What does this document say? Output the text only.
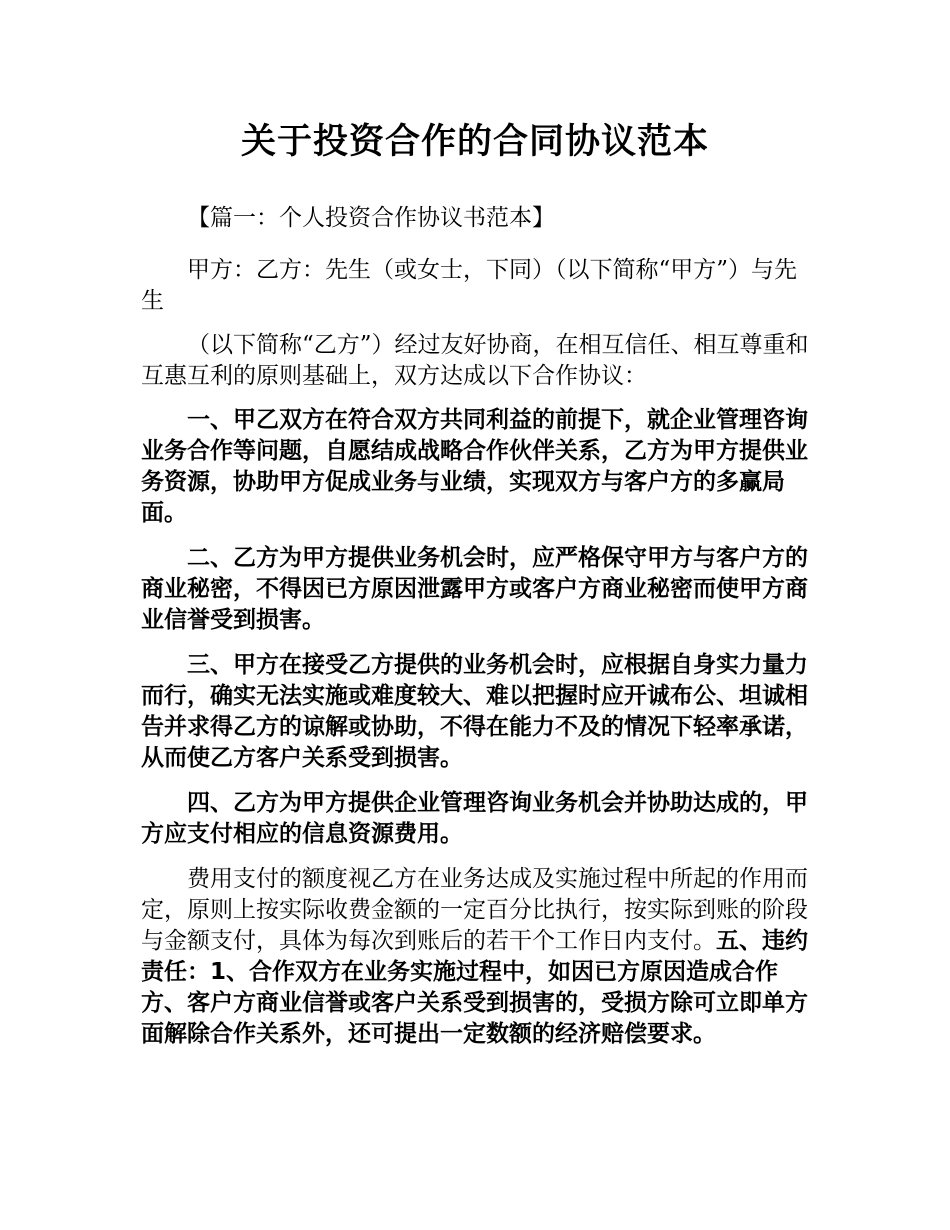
关于投资合作的合同协议范本

【篇一：个人投资合作协议书范本】

甲方：乙方：先生（或女士，下同）（以下简称“甲方”）与先生

（以下简称“乙方”）经过友好协商，在相互信任、相互尊重和互惠互利的原则基础上，双方达成以下合作协议：

一、甲乙双方在符合双方共同利益的前提下，就企业管理咨询业务合作等问题，自愿结成战略合作伙伴关系，乙方为甲方提供业务资源，协助甲方促成业务与业绩，实现双方与客户方的多赢局面。

二、乙方为甲方提供业务机会时，应严格保守甲方与客户方的商业秘密，不得因已方原因泄露甲方或客户方商业秘密而使甲方商业信誉受到损害。

三、甲方在接受乙方提供的业务机会时，应根据自身实力量力而行，确实无法实施或难度较大、难以把握时应开诚布公、坦诚相告并求得乙方的谅解或协助，不得在能力不及的情况下轻率承诺，从而使乙方客户关系受到损害。

四、乙方为甲方提供企业管理咨询业务机会并协助达成的，甲方应支付相应的信息资源费用。

费用支付的额度视乙方在业务达成及实施过程中所起的作用而定，原则上按实际收费金额的一定百分比执行，按实际到账的阶段与金额支付，具体为每次到账后的若干个工作日内支付。五、违约责任：1、合作双方在业务实施过程中，如因已方原因造成合作方、客户方商业信誉或客户关系受到损害的，受损方除可立即单方面解除合作关系外，还可提出一定数额的经济赔偿要求。
